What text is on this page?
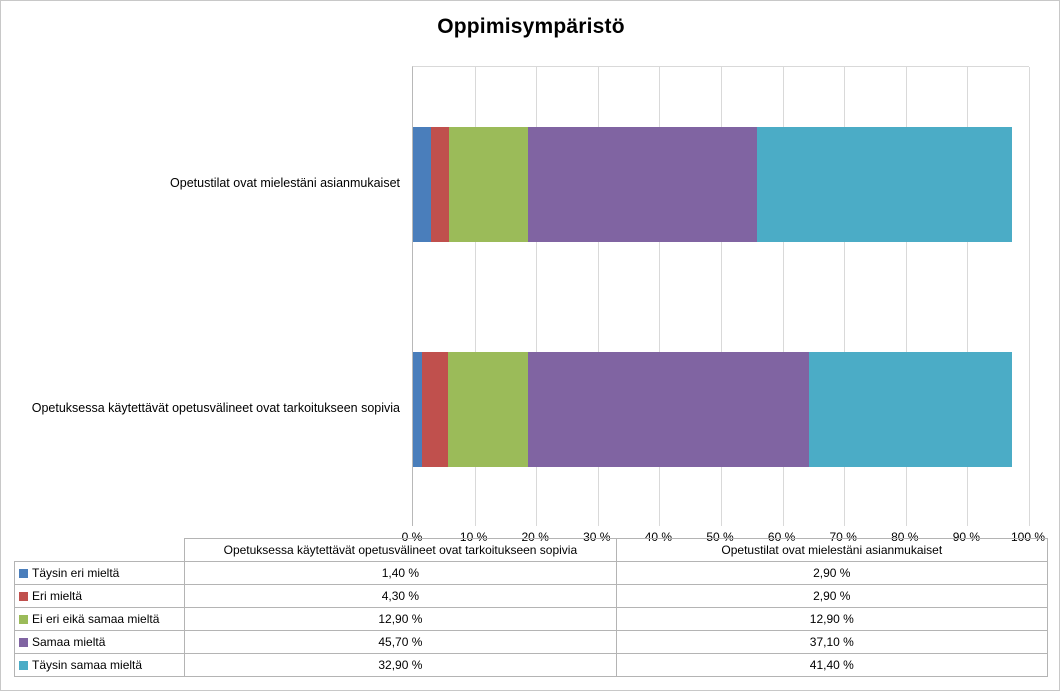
Oppimisympäristö
Opetustilat ovat mielestäni asianmukaiset
Opetuksessa käytettävät opetusvälineet ovat tarkoitukseen sopivia
0 %	10 %	20 %	30 %	40 %	50 %	60 %	70 %	80 %	90 %	100 %
	Opetuksessa käytettävät opetusvälineet ovat tarkoitukseen sopivia	Opetustilat ovat mielestäni asianmukaiset
Täysin eri mieltä	1,40 %	2,90 %
Eri mieltä	4,30 %	2,90 %
Ei eri eikä samaa mieltä	12,90 %	12,90 %
Samaa mieltä	45,70 %	37,10 %
Täysin samaa mieltä	32,90 %	41,40 %
